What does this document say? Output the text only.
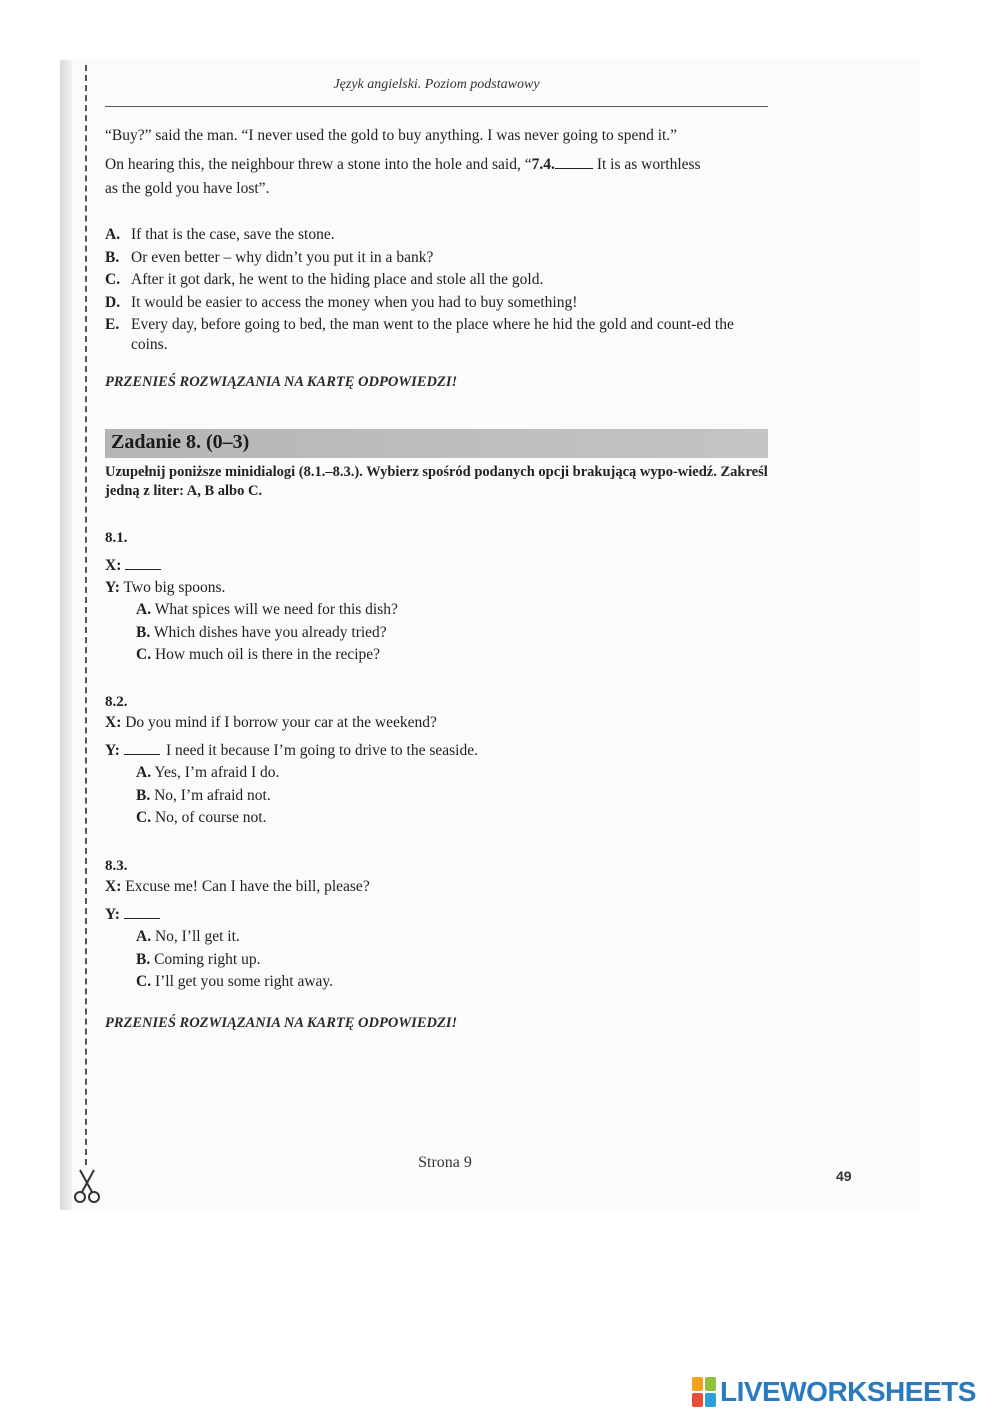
Język angielski. Poziom podstawowy
“Buy?” said the man. “I never used the gold to buy anything. I was never going to spend it.”
On hearing this, the neighbour threw a stone into the hole and said, “7.4.	It is as worthless
as the gold you have lost”.
A. If that is the case, save the stone.
B. Or even better – why didn’t you put it in a bank?
C. After it got dark, he went to the hiding place and stole all the gold.
D. It would be easier to access the money when you had to buy something!
E. Every day, before going to bed, the man went to the place where he hid the gold and count-ed the coins.
PRZENIEŚ ROZWIĄZANIA NA KARTĘ ODPOWIEDZI!
Zadanie 8. (0–3)
Uzupełnij poniższe minidialogi (8.1.–8.3.). Wybierz spośród podanych opcji brakującą wypo-wiedź. Zakreśl jedną z liter: A, B albo C.
8.1.
X:
Y: Two big spoons.
A. What spices will we need for this dish?
B. Which dishes have you already tried?
C. How much oil is there in the recipe?
8.2.
X: Do you mind if I borrow your car at the weekend?
Y:	I need it because I’m going to drive to the seaside.
A. Yes, I’m afraid I do.
B. No, I’m afraid not.
C. No, of course not.
8.3.
X: Excuse me! Can I have the bill, please?
Y:
A. No, I’ll get it.
B. Coming right up.
C. I’ll get you some right away.
PRZENIEŚ ROZWIĄZANIA NA KARTĘ ODPOWIEDZI!
Strona 9
49
LIVEWORKSHEETS
